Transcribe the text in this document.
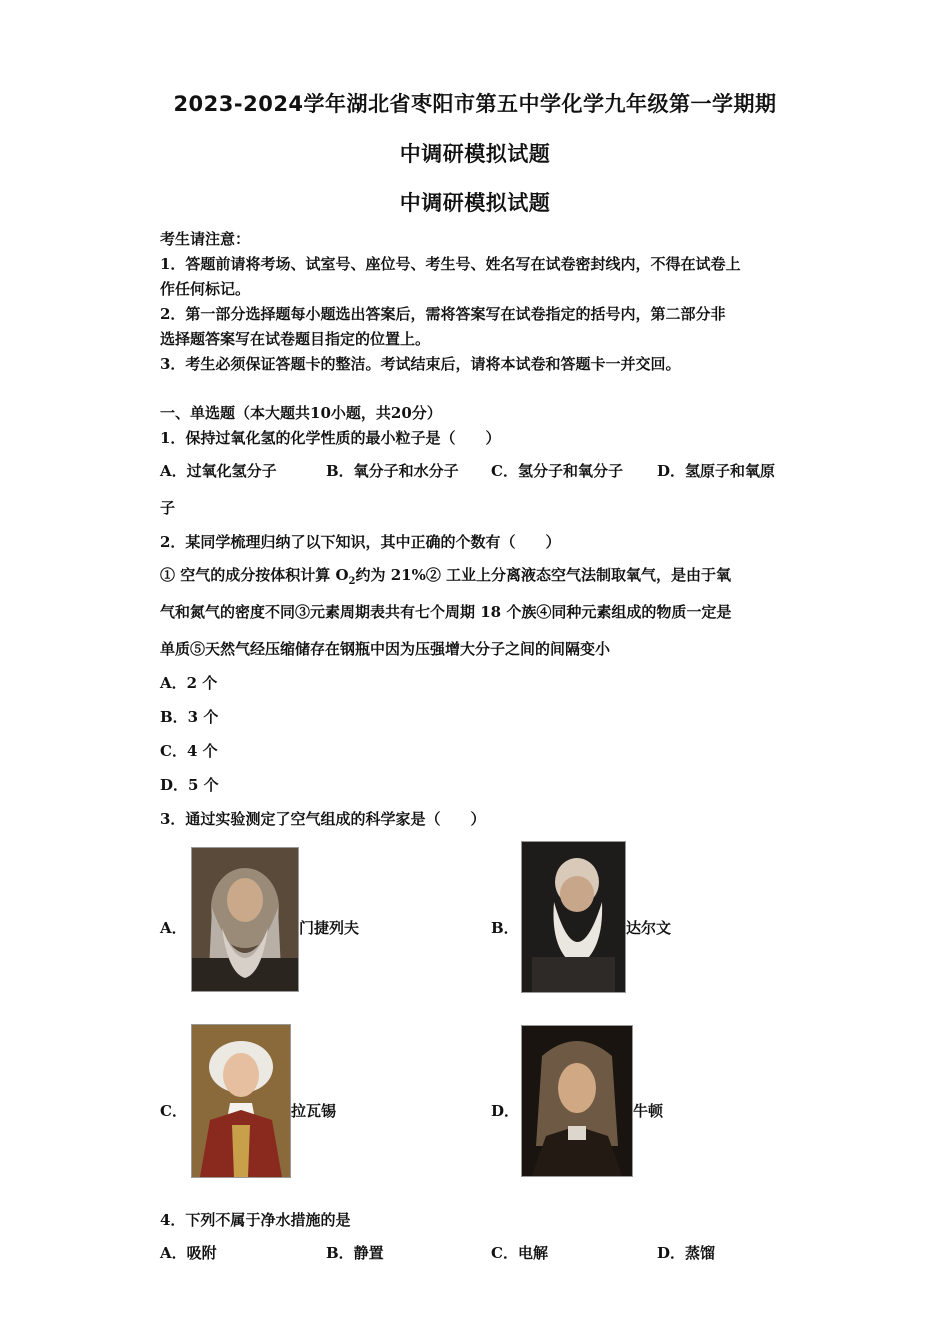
2023-2024学年湖北省枣阳市第五中学化学九年级第一学期期
中调研模拟试题
中调研模拟试题
考生请注意：
1．答题前请将考场、试室号、座位号、考生号、姓名写在试卷密封线内，不得在试卷上
作任何标记。
2．第一部分选择题每小题选出答案后，需将答案写在试卷指定的括号内，第二部分非
选择题答案写在试卷题目指定的位置上。
3．考生必须保证答题卡的整洁。考试结束后，请将本试卷和答题卡一并交回。
一、单选题（本大题共10小题，共20分）
1．保持过氧化氢的化学性质的最小粒子是（　　）
A．过氧化氢分子	B．氧分子和水分子 C．氢分子和氧分子 D．氢原子和氧原
子
2．某同学梳理归纳了以下知识，其中正确的个数有（　　）
① 空气的成分按体积计算 $O_2$约为 21%② 工业上分离液态空气法制取氧气，是由于氧
气和氮气的密度不同③元素周期表共有七个周期 18 个族④同种元素组成的物质一定是
单质⑤天然气经压缩储存在钢瓶中因为压强增大分子之间的间隔变小
A．2 个
B．3 个
C．4 个
D．5 个
3．通过实验测定了空气组成的科学家是（　　）
A．	门捷列夫	B．	达尔文
C．	拉瓦锡	D．	牛顿
4．下列不属于净水措施的是
A．吸附	B．静置	C．电解	D．蒸馏
